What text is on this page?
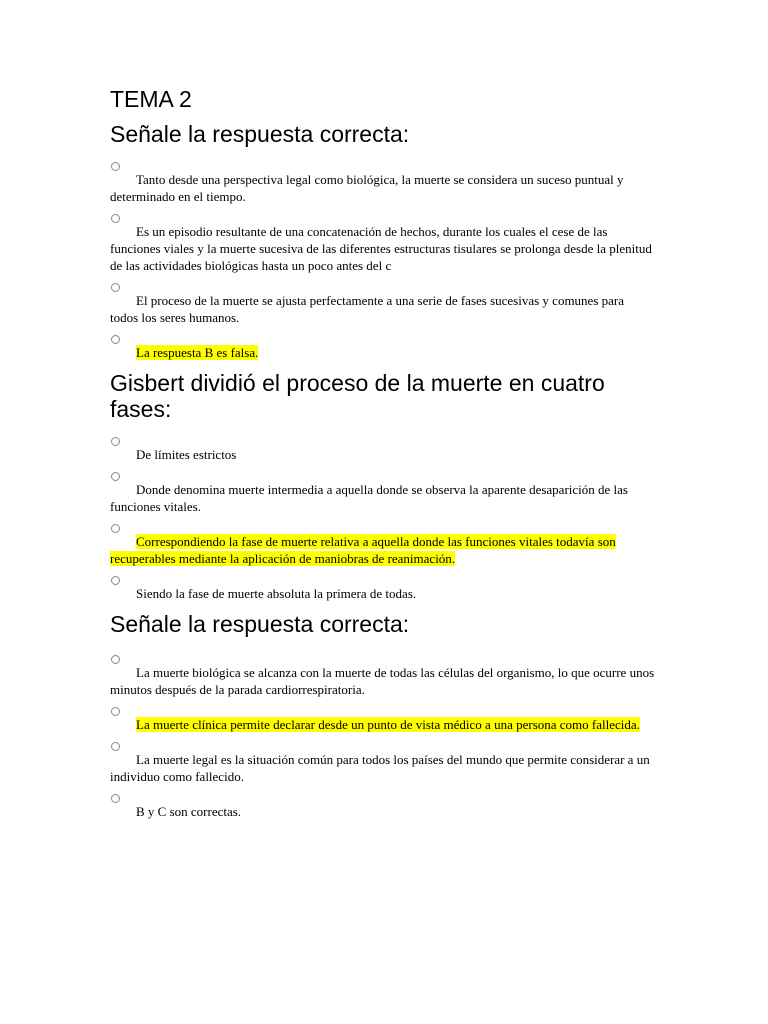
TEMA 2
Señale la respuesta correcta:
Tanto desde una perspectiva legal como biológica, la muerte se considera un suceso puntual y determinado en el tiempo.
Es un episodio resultante de una concatenación de hechos, durante los cuales el cese de las funciones viales y la muerte sucesiva de las diferentes estructuras tisulares se prolonga desde la plenitud de las actividades biológicas hasta un poco antes del c
El proceso de la muerte se ajusta perfectamente a una serie de fases sucesivas y comunes para todos los seres humanos.
La respuesta B es falsa.
Gisbert dividió el proceso de la muerte en cuatro fases:
De límites estrictos
Donde denomina muerte intermedia a aquella donde se observa la aparente desaparición de las funciones vitales.
Correspondiendo la fase de muerte relativa a aquella donde las funciones vitales todavía son recuperables mediante la aplicación de maniobras de reanimación.
Siendo la fase de muerte absoluta la primera de todas.
Señale la respuesta correcta:
La muerte biológica se alcanza con la muerte de todas las células del organismo, lo que ocurre unos minutos después de la parada cardiorrespiratoria.
La muerte clínica permite declarar desde un punto de vista médico a una persona como fallecida.
La muerte legal es la situación común para todos los países del mundo que permite considerar a un individuo como fallecido.
B y C son correctas.
